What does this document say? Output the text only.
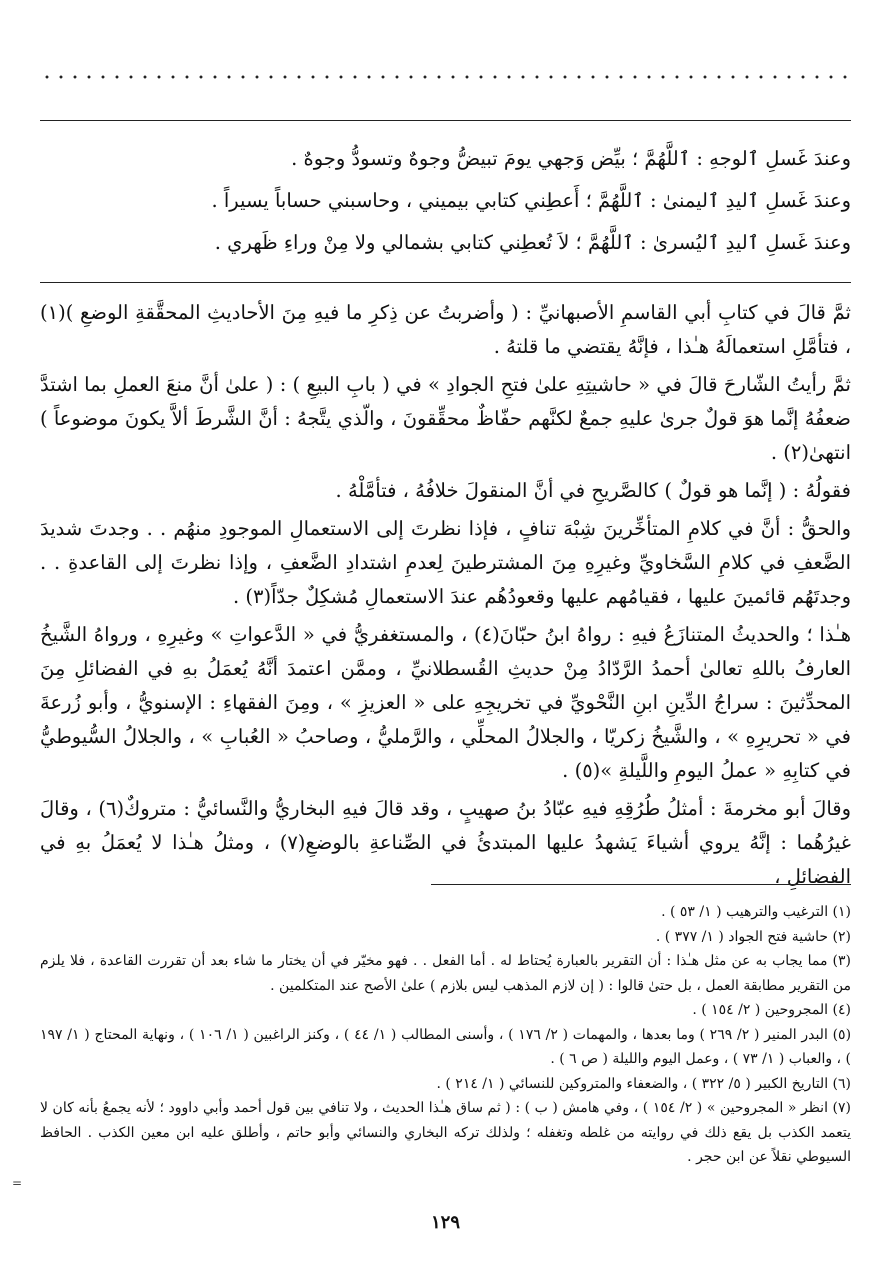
وعندَ غَسلِ ٱلوجهِ : ٱللَّهُمَّ ؛ بيِّض وَجهي يومَ تبيضُّ وجوهٌ وتسودُّ وجوهٌ .

وعندَ غَسلِ ٱليدِ ٱليمنىٰ : ٱللَّهُمَّ ؛ أَعطِني كتابي بيميني ، وحاسبني حساباً يسيراً .

وعندَ غَسلِ ٱليدِ ٱليُسرىٰ : ٱللَّهُمَّ ؛ لاَ تُعطِني كتابي بشمالي ولا مِنْ وراءِ ظَهري .

ثمَّ قالَ في كتابِ أبي القاسمِ الأصبهانيِّ : ( وأضربتُ عن ذِكرِ ما فيهِ مِنَ الأحاديثِ المحقَّقةِ الوضعِ )(١) ، فتأمَّلِ استعمالَهُ هـٰذا ، فإنَّهُ يقتضي ما قلتهُ .

ثمَّ رأيتُ الشّارحَ قالَ في « حاشيتِهِ علىٰ فتحِ الجوادِ » في ( بابِ البيعِ ) : ( علىٰ أنَّ منعَ العملِ بما اشتدَّ ضعفُهُ إنَّما هوَ قولٌ جرىٰ عليهِ جمعٌ لكنَّهم حفّاظٌ محقِّقونَ ، والّذي يتَّجهُ : أنَّ الشَّرطَ ألاَّ يكونَ موضوعاً ) انتهىٰ(٢) .

فقولُهُ : ( إنَّما هو قولٌ ) كالصَّريحِ في أنَّ المنقولَ خلافُهُ ، فتأمَّلْهُ .

والحقُّ : أنَّ في كلامِ المتأخِّرينَ شِبْهَ تنافٍ ، فإذا نظرتَ إلى الاستعمالِ الموجودِ منهُم . . وجدتَ شديدَ الضَّعفِ في كلامِ السَّخاويِّ وغيرِهِ مِنَ المشترطينَ لِعدمِ اشتدادِ الضَّعفِ ، وإذا نظرتَ إلى القاعدةِ . . وجدتَهُم قائمينَ عليها ، فقيامُهم عليها وقعودُهُم عندَ الاستعمالِ مُشكِلٌ جدّاً(٣) .

هـٰذا ؛ والحديثُ المتنازَعُ فيهِ : رواهُ ابنُ حبّانَ(٤) ، والمستغفريُّ في « الدَّعواتِ » وغيرِهِ ، ورواهُ الشَّيخُ العارفُ باللهِ تعالىٰ أحمدُ الرَّدّادُ مِنْ حديثِ القُسطلانيِّ ، وممَّن اعتمدَ أنَّهُ يُعمَلُ بهِ في الفضائلِ مِنَ المحدِّثينَ : سراجُ الدِّينِ ابنِ النَّحْويِّ في تخريجِهِ على « العزيزِ » ، ومِنَ الفقهاءِ : الإسنويُّ ، وأبو زُرعةَ في « تحريرِهِ » ، والشَّيخُ زكريّا ، والجلالُ المحلِّي ، والرَّمليُّ ، وصاحبُ « العُبابِ » ، والجلالُ السُّيوطيُّ في كتابِهِ « عملُ اليومِ واللَّيلةِ »(٥) .

وقالَ أبو مخرمةَ : أمثلُ طُرُقِهِ فيهِ عبّادُ بنُ صهيبٍ ، وقد قالَ فيهِ البخاريُّ والنَّسائيُّ : متروكٌ(٦) ، وقالَ غيرُهُما : إنَّهُ يروي أشياءَ يَشهدُ عليها المبتدئُ في الصِّناعةِ بالوضعِ(٧) ، ومثلُ هـٰذا لا يُعمَلُ بهِ في الفضائلِ ،

(١) الترغيب والترهيب ( ١/ ٥٣ ) .

(٢) حاشية فتح الجواد ( ١/ ٣٧٧ ) .

(٣) مما يجاب به عن مثل هـٰذا : أن التقرير بالعبارة يُحتاط له . أما الفعل . . فهو مخيّر في أن يختار ما شاء بعد أن تقررت القاعدة ، فلا يلزم من التقرير مطابقة العمل ، بل حتىٰ قالوا : ( إن لازم المذهب ليس بلازم ) علىٰ الأصح عند المتكلمين .

(٤) المجروحين ( ٢/ ١٥٤ ) .

(٥) البدر المنير ( ٢/ ٢٦٩ ) وما بعدها ، والمهمات ( ٢/ ١٧٦ ) ، وأسنى المطالب ( ١/ ٤٤ ) ، وكنز الراغبين ( ١/ ١٠٦ ) ، ونهاية المحتاج ( ١/ ١٩٧ ) ، والعباب ( ١/ ٧٣ ) ، وعمل اليوم والليلة ( ص ٦ ) .

(٦) التاريخ الكبير ( ٥/ ٣٢٢ ) ، والضعفاء والمتروكين للنسائي ( ١/ ٢١٤ ) .

(٧) انظر « المجروحين » ( ٢/ ١٥٤ ) ، وفي هامش ( ب ) : ( ثم ساق هـٰذا الحديث ، ولا تنافي بين قول أحمد وأبي داوود ؛ لأنه يجمعُ بأنه كان لا يتعمد الكذب بل يقع ذلك في روايته من غلطه وتغفله ؛ ولذلك تركه البخاري والنسائي وأبو حاتم ، وأطلق عليه ابن معين الكذب . الحافظ السيوطي نقلاً عن ابن حجر .

١٢٩
=
